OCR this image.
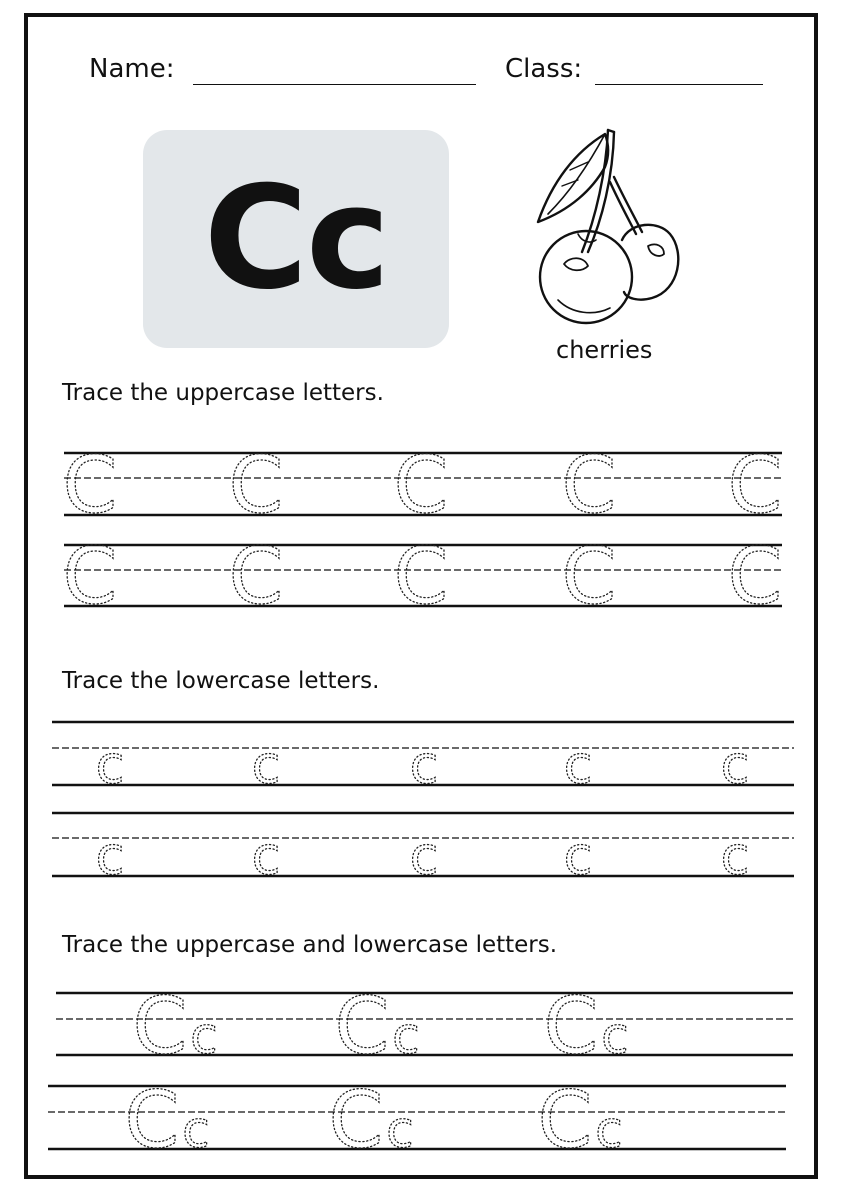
Name:	Class:
Cc
cherries
Trace the uppercase letters.
Trace the lowercase letters.
Trace the uppercase and lowercase letters.
C C C C C
C C C C C
c c c c c
c c c c c
C c C c C c
C c C c C c
